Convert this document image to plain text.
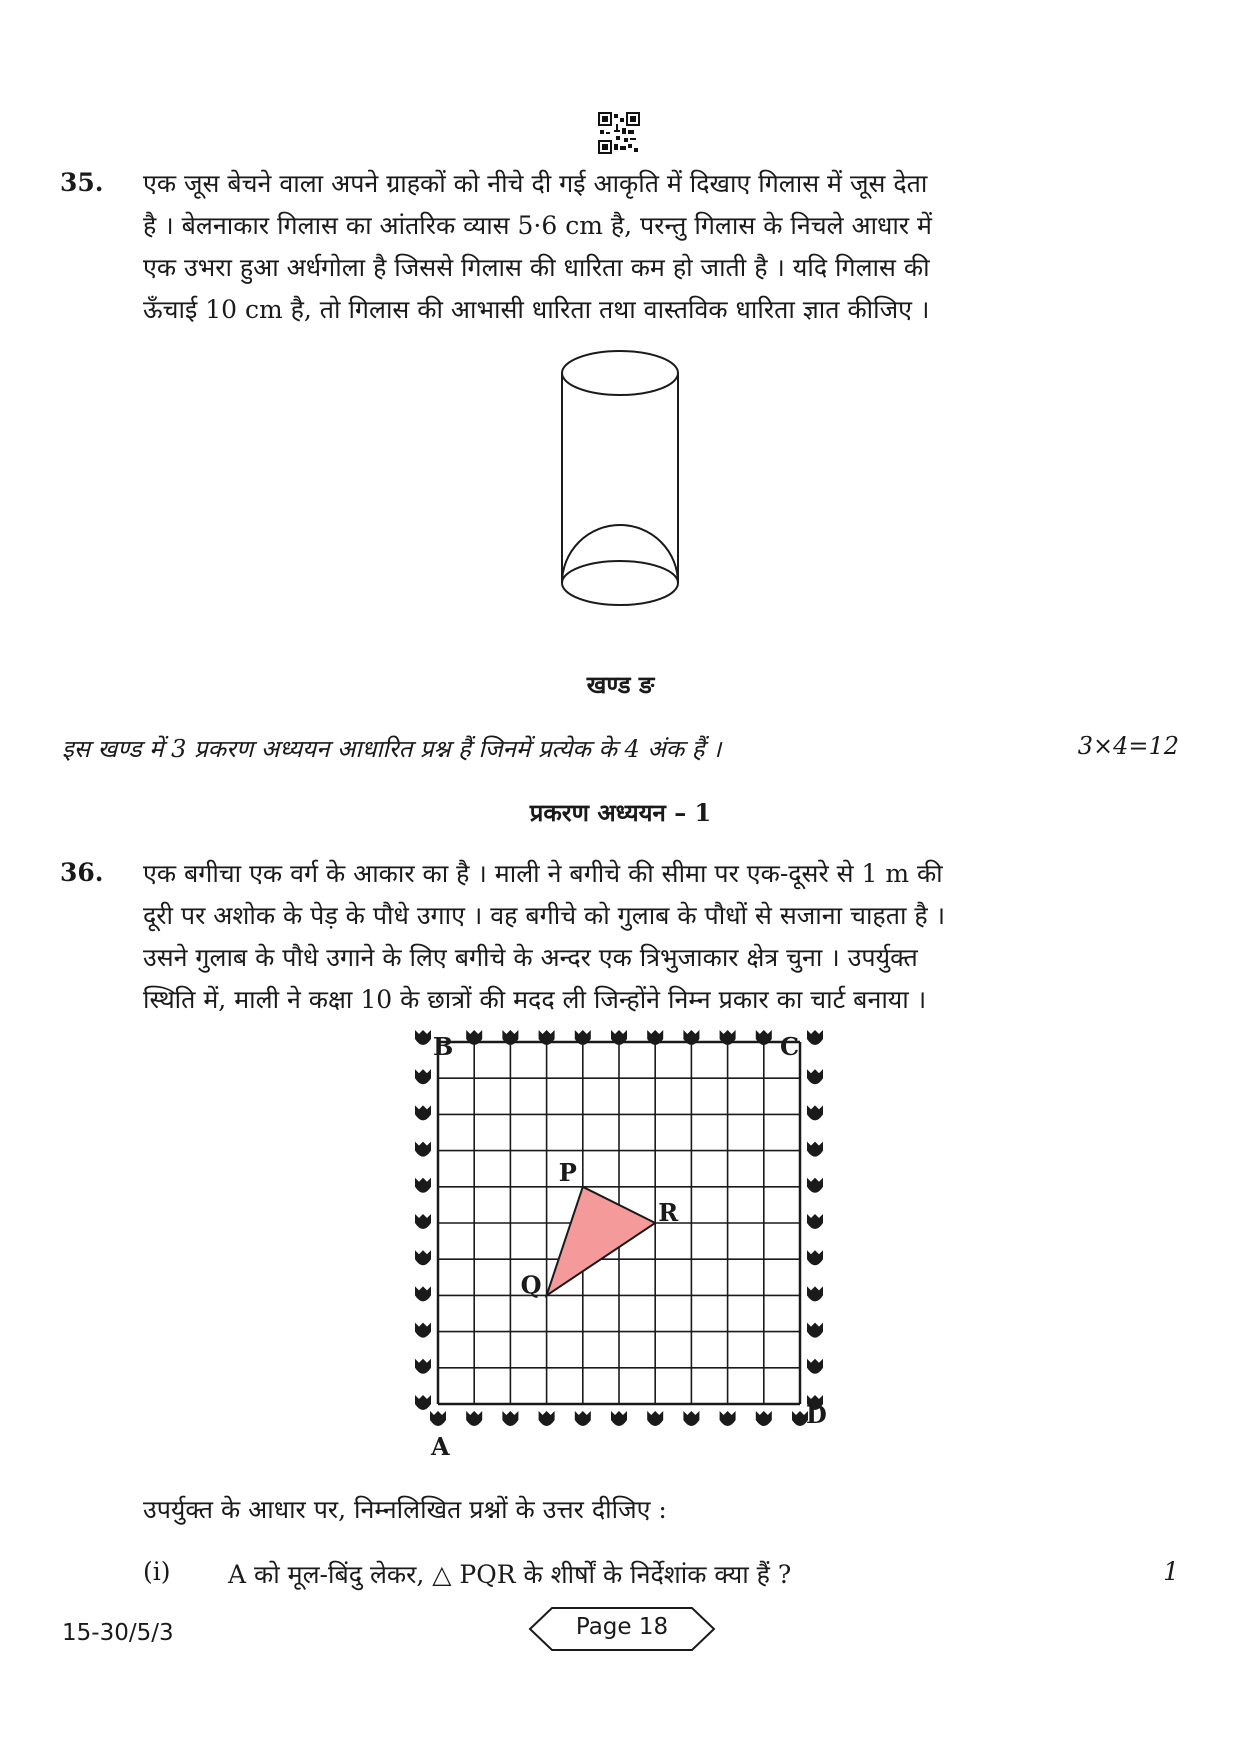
35. एक जूस बेचने वाला अपने ग्राहकों को नीचे दी गई आकृति में दिखाए गिलास में जूस देता
है । बेलनाकार गिलास का आंतरिक व्यास 5·6 cm है, परन्तु गिलास के निचले आधार में
एक उभरा हुआ अर्धगोला है जिससे गिलास की धारिता कम हो जाती है । यदि गिलास की
ऊँचाई 10 cm है, तो गिलास की आभासी धारिता तथा वास्तविक धारिता ज्ञात कीजिए ।
खण्ड ङ
इस खण्ड में 3 प्रकरण अध्ययन आधारित प्रश्न हैं जिनमें प्रत्येक के 4 अंक हैं ।	3×4=12
प्रकरण अध्ययन – 1
36. एक बगीचा एक वर्ग के आकार का है । माली ने बगीचे की सीमा पर एक-दूसरे से 1 m की
दूरी पर अशोक के पेड़ के पौधे उगाए । वह बगीचे को गुलाब के पौधों से सजाना चाहता है ।
उसने गुलाब के पौधे उगाने के लिए बगीचे के अन्दर एक त्रिभुजाकार क्षेत्र चुना । उपर्युक्त
स्थिति में, माली ने कक्षा 10 के छात्रों की मदद ली जिन्होंने निम्न प्रकार का चार्ट बनाया ।
B	C
A
D
P
Q
R
उपर्युक्त के आधार पर, निम्नलिखित प्रश्नों के उत्तर दीजिए :
(i) A को मूल-बिंदु लेकर, △ PQR के शीर्षों के निर्देशांक क्या हैं ?	1
15-30/5/3	Page 18
